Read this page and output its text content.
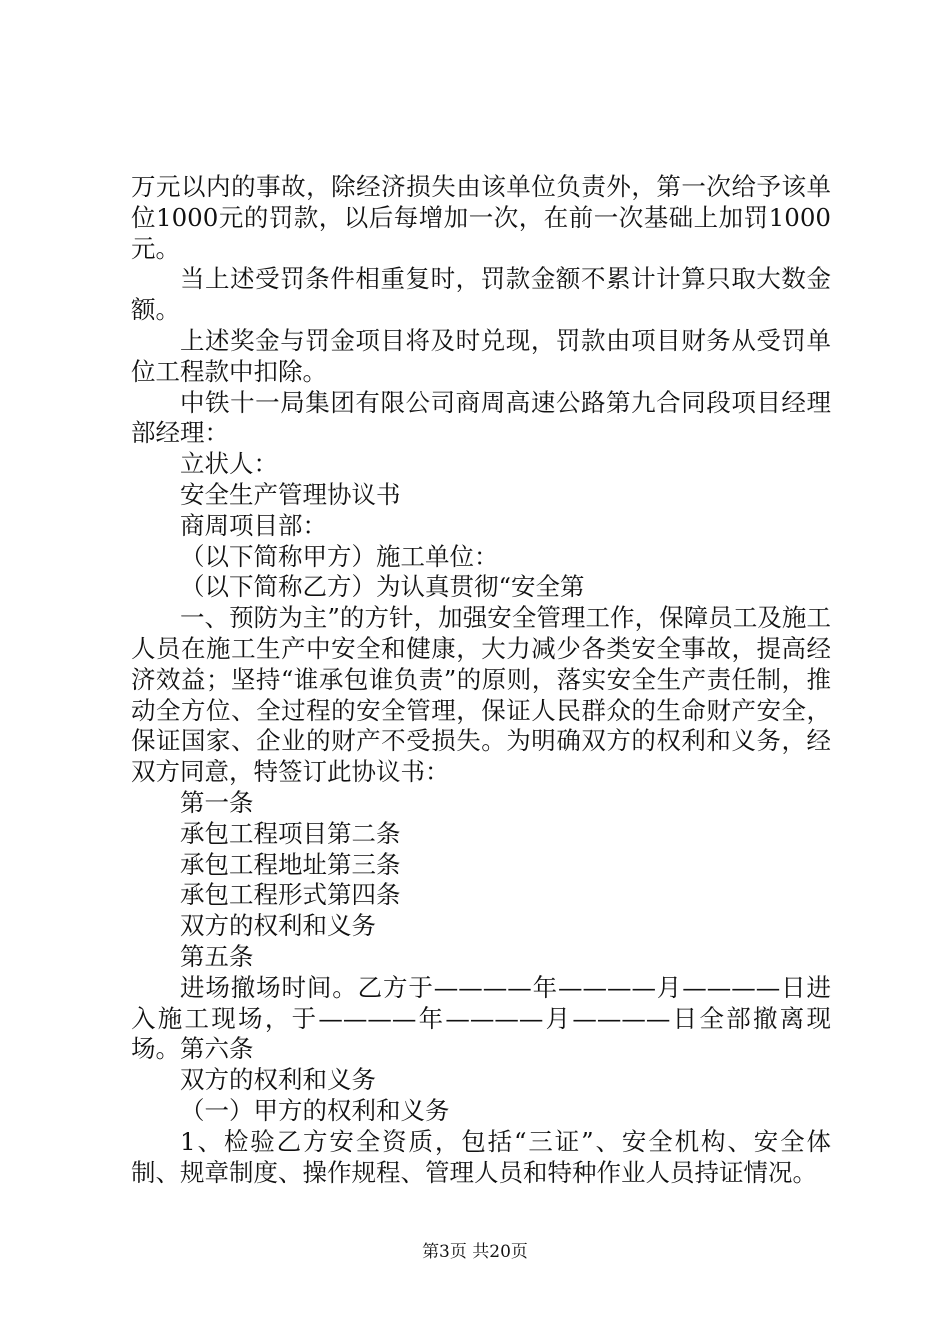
万元以内的事故，除经济损失由该单位负责外，第一次给予该单位1000元的罚款，以后每增加一次，在前一次基础上加罚1000元。

当上述受罚条件相重复时，罚款金额不累计计算只取大数金额。

上述奖金与罚金项目将及时兑现，罚款由项目财务从受罚单位工程款中扣除。

中铁十一局集团有限公司商周高速公路第九合同段项目经理部经理：

立状人：

安全生产管理协议书

商周项目部：

（以下简称甲方）施工单位：

（以下简称乙方）为认真贯彻“安全第

一、预防为主”的方针，加强安全管理工作，保障员工及施工人员在施工生产中安全和健康，大力减少各类安全事故，提高经济效益；坚持“谁承包谁负责”的原则，落实安全生产责任制，推动全方位、全过程的安全管理，保证人民群众的生命财产安全，保证国家、企业的财产不受损失。为明确双方的权利和义务，经双方同意，特签订此协议书：

第一条

承包工程项目第二条

承包工程地址第三条

承包工程形式第四条

双方的权利和义务

第五条

进场撤场时间。乙方于————年————月————日进入施工现场，于————年————月————日全部撤离现场。第六条

双方的权利和义务

（一）甲方的权利和义务

1、检验乙方安全资质，包括“三证”、安全机构、安全体制、规章制度、操作规程、管理人员和特种作业人员持证情况。

第3页 共20页
